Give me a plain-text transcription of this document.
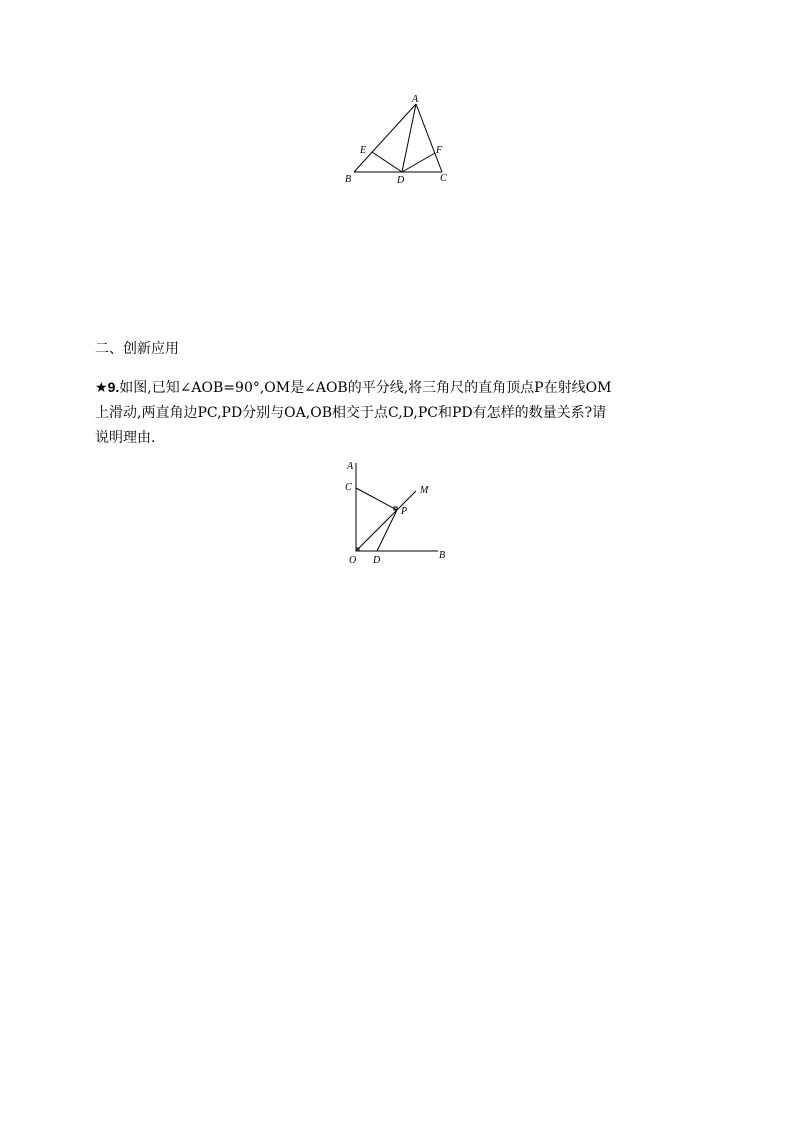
A
B	C
D
E	F
二、创新应用
★9.如图,已知∠AOB=90°,OM是∠AOB的平分线,将三角尺的直角顶点P在射线OM
上滑动,两直角边PC,PD分别与OA,OB相交于点C,D,PC和PD有怎样的数量关系?请
说明理由.
A
C	M
P
O D	B
